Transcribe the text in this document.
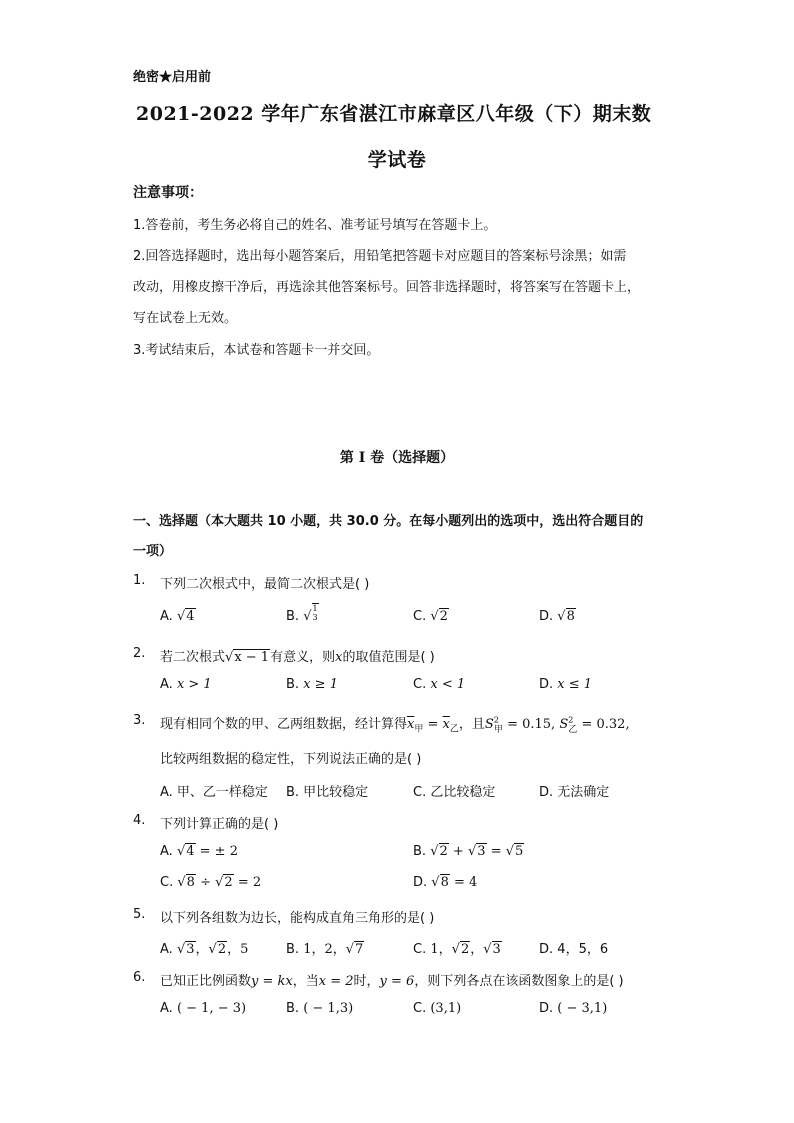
绝密★启用前
2021-2022 学年广东省湛江市麻章区八年级（下）期末数
学试卷
注意事项：
1.答卷前，考生务必将自己的姓名、准考证号填写在答题卡上。
2.回答选择题时，选出每小题答案后，用铅笔把答题卡对应题目的答案标号涂黑；如需
改动，用橡皮擦干净后，再选涂其他答案标号。回答非选择题时，将答案写在答题卡上，
写在试卷上无效。
3.考试结束后，本试卷和答题卡一并交回。
第 I 卷（选择题）
一、选择题（本大题共 10 小题，共 30.0 分。在每小题列出的选项中，选出符合题目的
一项）
1. 下列二次根式中，最简二次根式是( )
A. √4	B. √1
3	C. √2	D. √8
2. 若二次根式√x − 1有意义，则x的取值范围是( )
A. x > 1	B. x ≥ 1	C. x < 1	D. x ≤ 1
3. 现有相同个数的甲、乙两组数据，经计算得$\overline{x}_甲 = \overline{x}_乙$，且$S^2_甲 = 0.15$, $S^2_乙 = 0.32$,
比较两组数据的稳定性，下列说法正确的是( )
A. 甲、乙一样稳定 B. 甲比较稳定	C. 乙比较稳定	D. 无法确定
4. 下列计算正确的是( )
A. √4 = ± 2	B. √2 + √3 = √5
C. √8 ÷ √2 = 2	D. √8 = 4
5. 以下列各组数为边长，能构成直角三角形的是( )
A. √3，√2，5	B. 1，2，√7	C. 1，√2，√3	D. 4，5，6
6. 已知正比例函数y = kx，当x = 2时，y = 6，则下列各点在该函数图象上的是( )
A. ( − 1, − 3)	B. ( − 1,3)	C. (3,1)	D. ( − 3,1)
